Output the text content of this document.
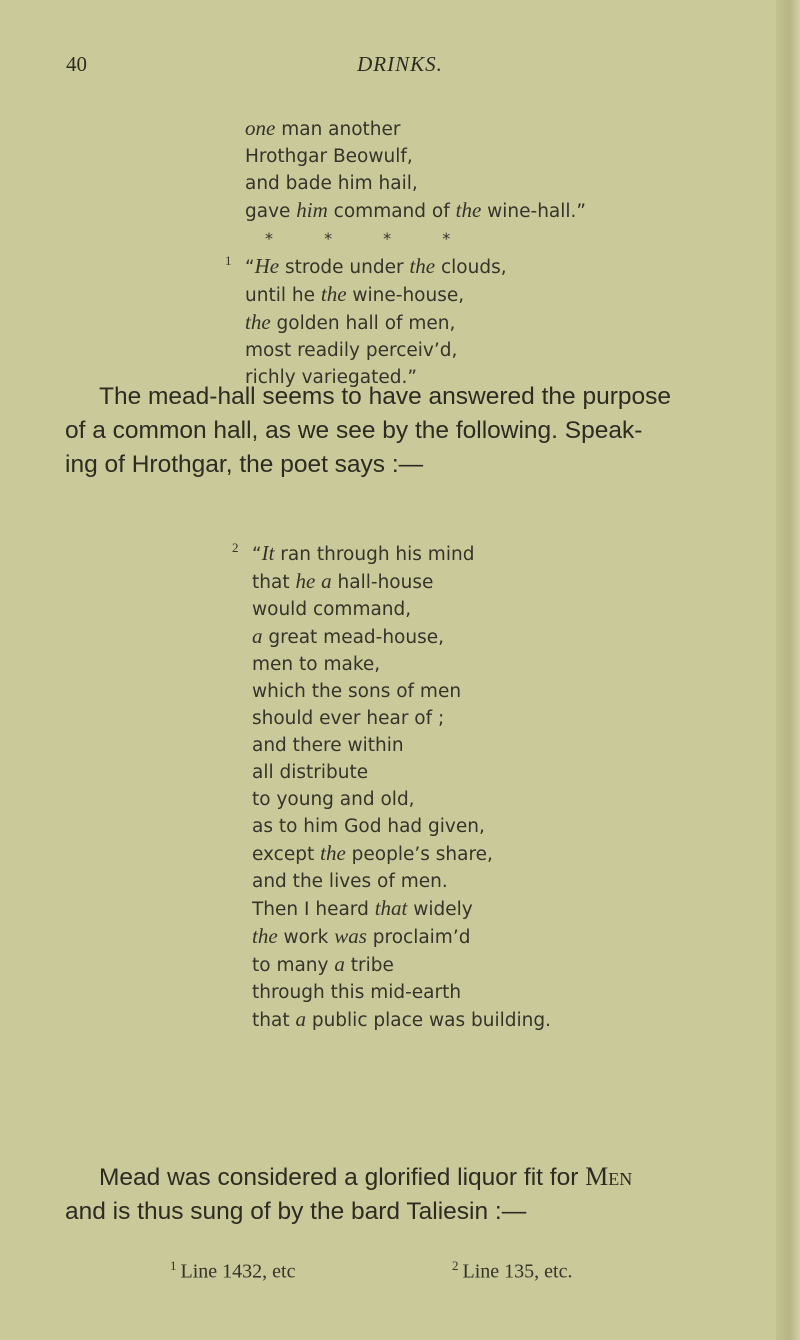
40	DRINKS.
one man another
Hrothgar Beowulf,
and bade him hail,
gave him command of the wine-hall.”
* * * *
1 “He strode under the clouds,
until he the wine-house,
the golden hall of men,
most readily perceiv’d,
richly variegated.”
The mead-hall seems to have answered the purpose
of a common hall, as we see by the following. Speak-
ing of Hrothgar, the poet says :—
2 “It ran through his mind
that he a hall-house
would command,
a great mead-house,
men to make,
which the sons of men
should ever hear of ;
and there within
all distribute
to young and old,
as to him God had given,
except the people’s share,
and the lives of men.
Then I heard that widely
the work was proclaim’d
to many a tribe
through this mid-earth
that a public place was building.
Mead was considered a glorified liquor fit for Men
and is thus sung of by the bard Taliesin :—
$^1$ Line 1432, etc	$^2$ Line 135, etc.
